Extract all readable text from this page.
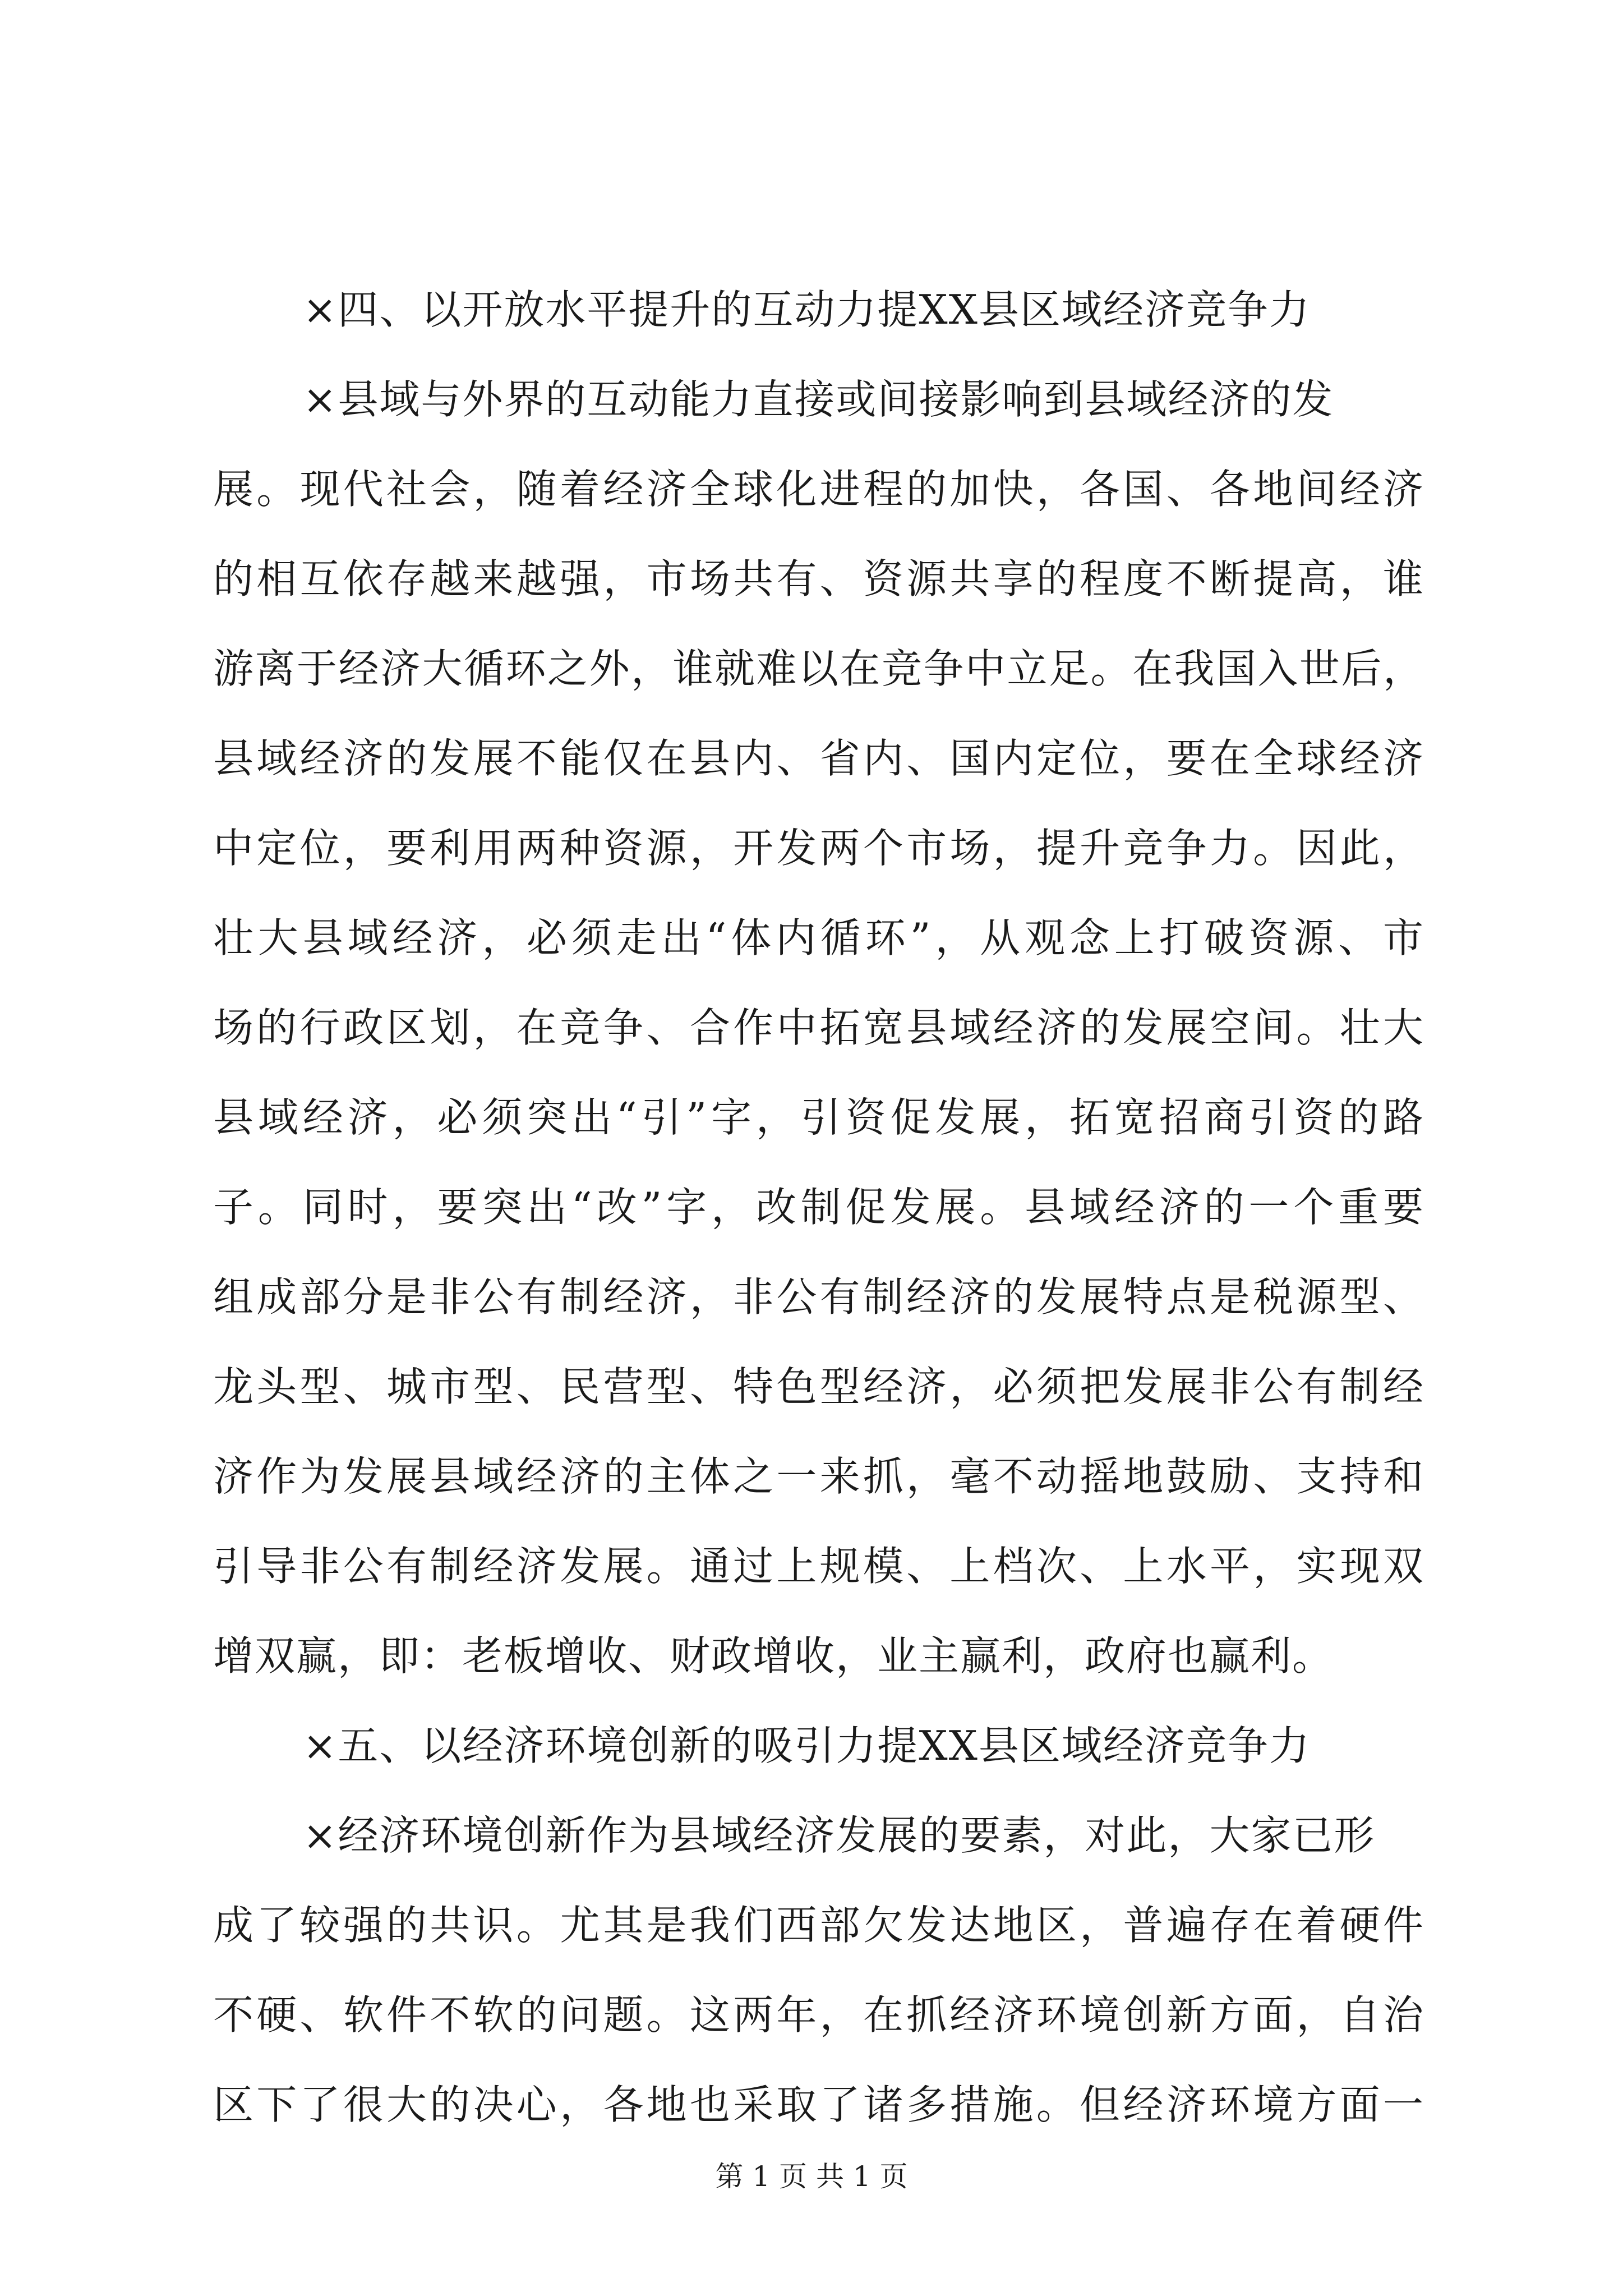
×四、以开放水平提升的互动力提XX县区域经济竞争力
×县域与外界的互动能力直接或间接影响到县域经济的发
展。现代社会，随着经济全球化进程的加快，各国、各地间经济
的相互依存越来越强，市场共有、资源共享的程度不断提高，谁
游离于经济大循环之外，谁就难以在竞争中立足。在我国入世后，
县域经济的发展不能仅在县内、省内、国内定位，要在全球经济
中定位，要利用两种资源，开发两个市场，提升竞争力。因此，
壮大县域经济，必须走出“体内循环”，从观念上打破资源、市
场的行政区划，在竞争、合作中拓宽县域经济的发展空间。壮大
县域经济，必须突出“引”字，引资促发展，拓宽招商引资的路
子。同时，要突出“改”字，改制促发展。县域经济的一个重要
组成部分是非公有制经济，非公有制经济的发展特点是税源型、
龙头型、城市型、民营型、特色型经济，必须把发展非公有制经
济作为发展县域经济的主体之一来抓，毫不动摇地鼓励、支持和
引导非公有制经济发展。通过上规模、上档次、上水平，实现双
增双赢，即：老板增收、财政增收，业主赢利，政府也赢利。
×五、以经济环境创新的吸引力提XX县区域经济竞争力
×经济环境创新作为县域经济发展的要素，对此，大家已形
成了较强的共识。尤其是我们西部欠发达地区，普遍存在着硬件
不硬、软件不软的问题。这两年，在抓经济环境创新方面，自治
区下了很大的决心，各地也采取了诸多措施。但经济环境方面一
第 1 页 共 1 页
